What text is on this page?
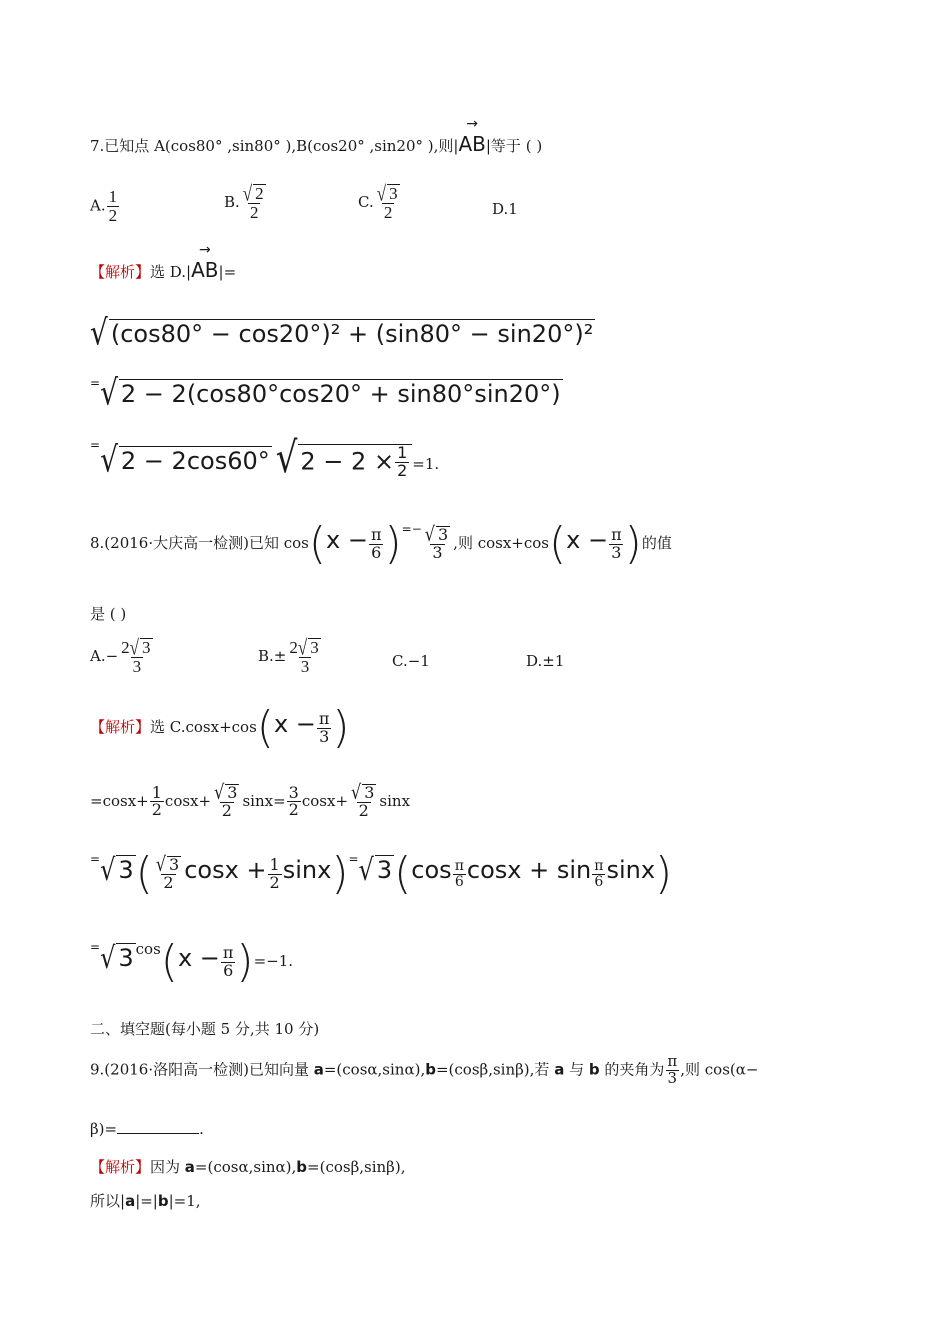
7.已知点 A(cos80° ,sin80° ),B(cos20° ,sin20° ),则|→ AB|等于 ( )
A. $\frac{1}{2}$	B. $\frac{√ 2}{2}$	C. $\frac{√ 3}{2}$	D.1
【解析】选 D.|→ AB|=
√ (cos80° − cos20°)² + (sin80° − sin20°)²
=√ 2 − 2(cos80°cos20° + sin80°sin20°)
=√ 2 − 2cos60° √ $2 - 2 \times \frac{1}{2} =1$.
8.(2016·大庆高一检测)已知 $\cos(x - \frac{\pi}{6} )^{=-} \frac{√ 3}{3}$ ,则 $\cos x+\cos(x - \frac{\pi}{3}$ )的值
是 ( )
$A.- \frac{2√ 3}{3}$	$B.\pm \frac{2√ 3}{3}$	C.−1	D.±1
【解析】选 $C.\cos x+\cos(x - \frac{\pi}{3}$ )
$=\cos x+ \frac{1}{2} \cos x+ \frac{√ 3}{2} \sin x= \frac{3}{2} \cos x+ \frac{√ 3}{2}$ sinx
=√ $3( \frac{√ 3}{2}$ $\cos x + \frac{1}{2} \sin x)^=√$ $3(\cos \frac{\pi}{6}$ $\cos x + \sin \frac{\pi}{6} \sin x$)
=√ 3 $\cos(x - \frac{\pi}{6} )=-1$.
二、填空题(每小题 5 分,共 10 分)
9.(2016·洛阳高一检测)已知向量 a=(cosα,sinα),b=(cosβ,sinβ),若 a 与 b 的夹角为 $\frac{\pi}{3}$ ,则 cos(α−
β)=	.
【解析】因为 a=(cosα,sinα),b=(cosβ,sinβ),
所以|a|=|b|=1,
